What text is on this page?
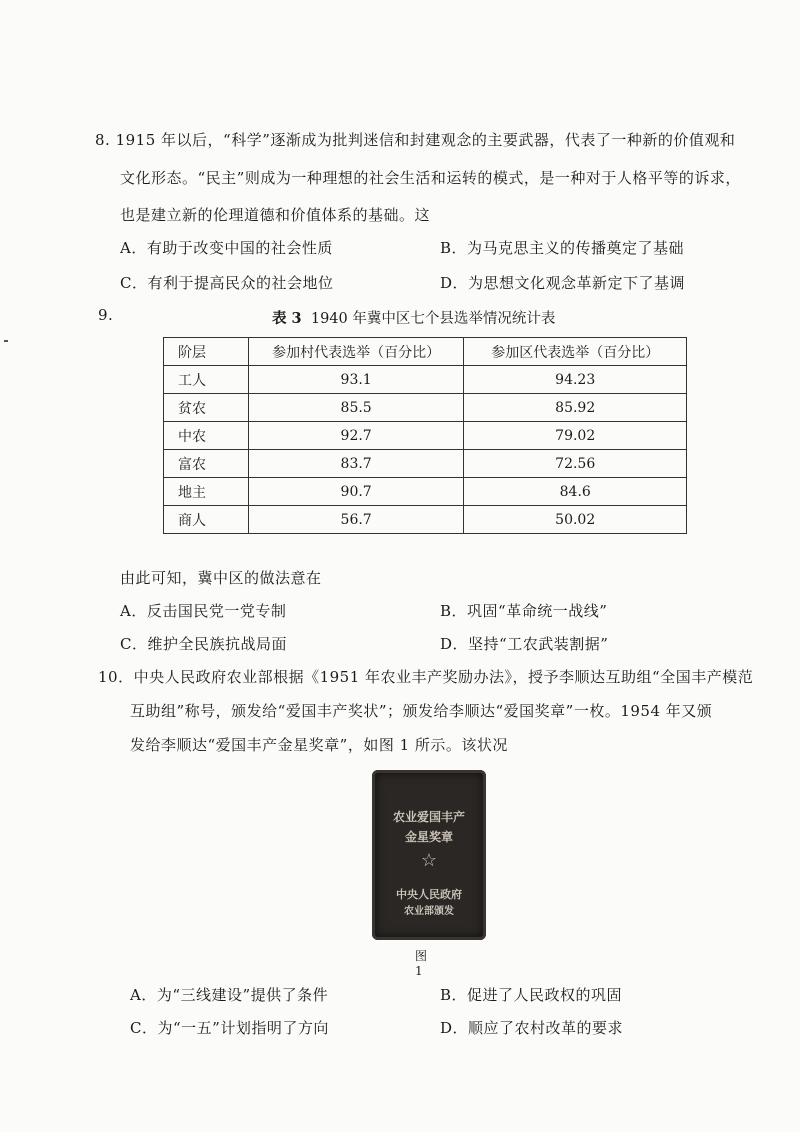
8. 1915 年以后，“科学”逐渐成为批判迷信和封建观念的主要武器，代表了一种新的价值观和
文化形态。“民主”则成为一种理想的社会生活和运转的模式，是一种对于人格平等的诉求，
也是建立新的伦理道德和价值体系的基础。这
A．有助于改变中国的社会性质	B．为马克思主义的传播奠定了基础
C．有利于提高民众的社会地位	D．为思想文化观念革新定下了基调
9.	表 3 1940 年冀中区七个县选举情况统计表
阶层	参加村代表选举（百分比）	参加区代表选举（百分比）
工人	93.1	94.23
贫农	85.5	85.92
中农	92.7	79.02
富农	83.7	72.56
地主	90.7	84.6
商人	56.7	50.02
由此可知，冀中区的做法意在
A．反击国民党一党专制	B．巩固“革命统一战线”
C．维护全民族抗战局面	D．坚持“工农武装割据”
10．中央人民政府农业部根据《1951 年农业丰产奖励办法》，授予李顺达互助组“全国丰产模范
互助组”称号，颁发给“爱国丰产奖状”；颁发给李顺达“爱国奖章”一枚。1954 年又颁
发给李顺达“爱国丰产金星奖章”，如图 1 所示。该状况
农业爱国丰产
金星奖章
☆
中央人民政府
农业部颁发
图 1
A．为“三线建设”提供了条件	B．促进了人民政权的巩固
C．为“一五”计划指明了方向	D．顺应了农村改革的要求
